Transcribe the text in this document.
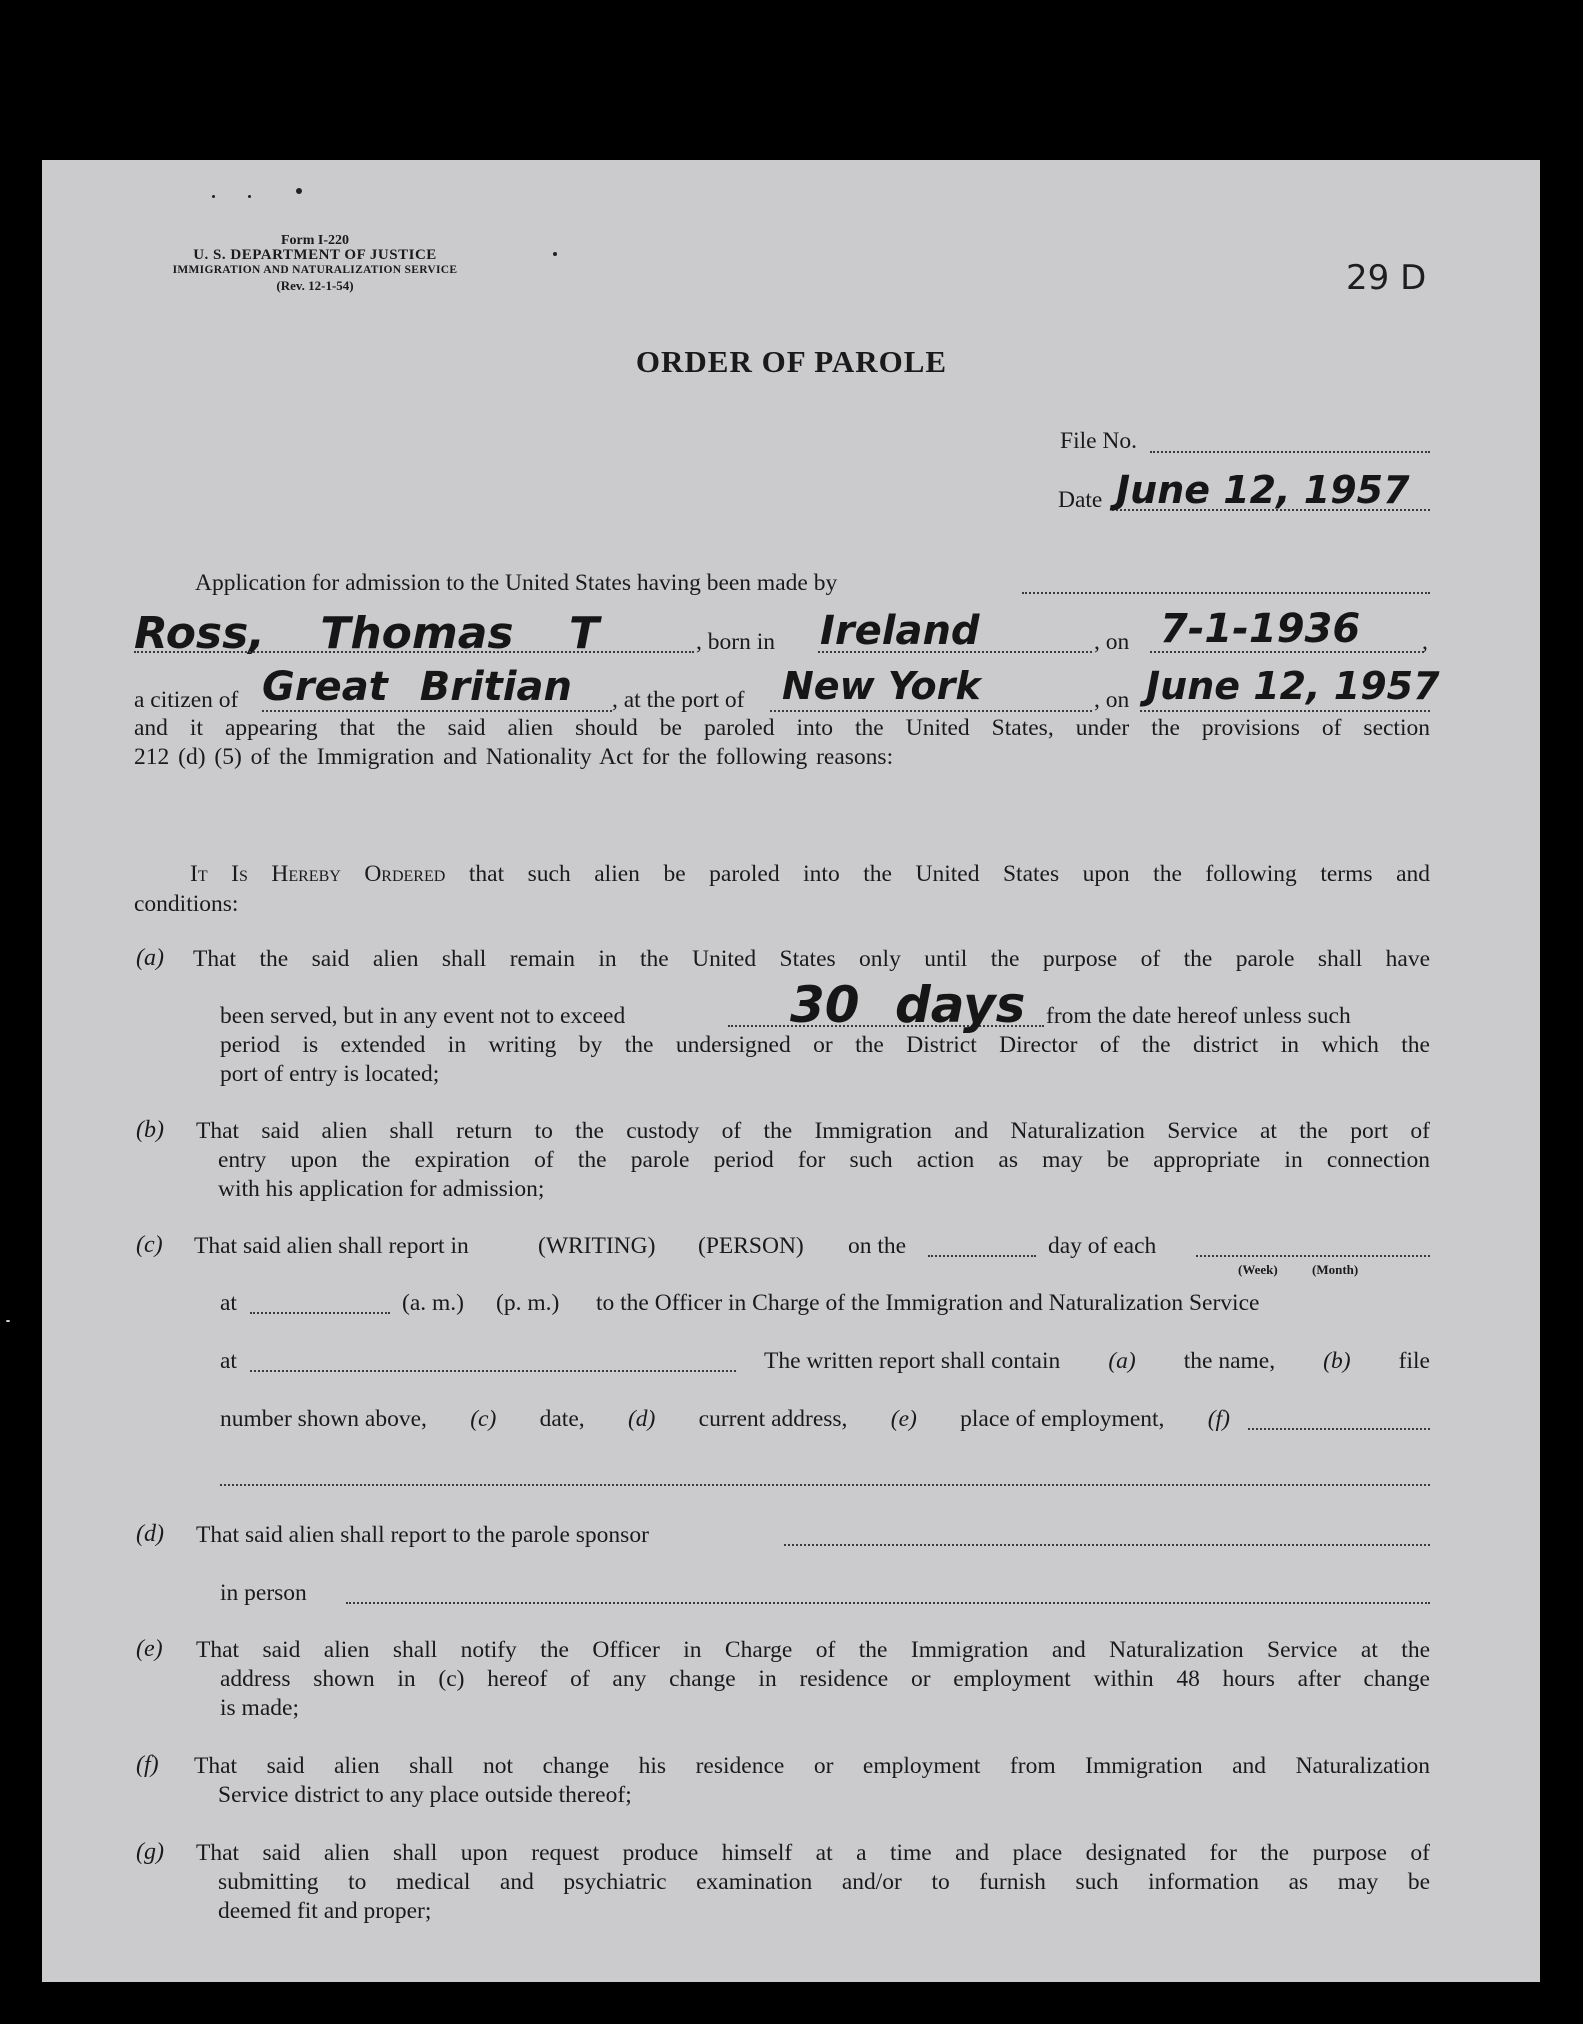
Form I-220
U. S. DEPARTMENT OF JUSTICE
IMMIGRATION AND NATURALIZATION SERVICE
(Rev. 12-1-54)	29 D
ORDER OF PAROLE
File No.
Date June 12, 1957
Application for admission to the United States having been made by
Ross, Thomas T	, born in Ireland	, on 7-1-1936	,
a citizen of Great Britian , at the port of New York	, on June 12, 1957
and it appearing that the said alien should be paroled into the United States, under the provisions of section
212 (d) (5) of the Immigration and Nationality Act for the following reasons:
It Is Hereby Ordered that such alien be paroled into the United States upon the following terms and
conditions:
(a) That the said alien shall remain in the United States only until the purpose of the parole shall have
been served, but in any event not to exceed	30 days from the date hereof unless such
period is extended in writing by the undersigned or the District Director of the district in which the
port of entry is located;
(b) That said alien shall return to the custody of the Immigration and Naturalization Service at the port of
entry upon the expiration of the parole period for such action as may be appropriate in connection
with his application for admission;
(c) That said alien shall report in	(WRITING) (PERSON) on the	day of each
(Week)	(Month)
at	(a. m.) (p. m.) to the Officer in Charge of the Immigration and Naturalization Service
at	The written report shall contain (a) the name, (b) file
number shown above, (c) date, (d) current address, (e) place of employment, (f)
(d) That said alien shall report to the parole sponsor
in person
(e) That said alien shall notify the Officer in Charge of the Immigration and Naturalization Service at the
address shown in (c) hereof of any change in residence or employment within 48 hours after change
is made;
(f) That said alien shall not change his residence or employment from Immigration and Naturalization
Service district to any place outside thereof;
(g) That said alien shall upon request produce himself at a time and place designated for the purpose of
submitting to medical and psychiatric examination and/or to furnish such information as may be
deemed fit and proper;
